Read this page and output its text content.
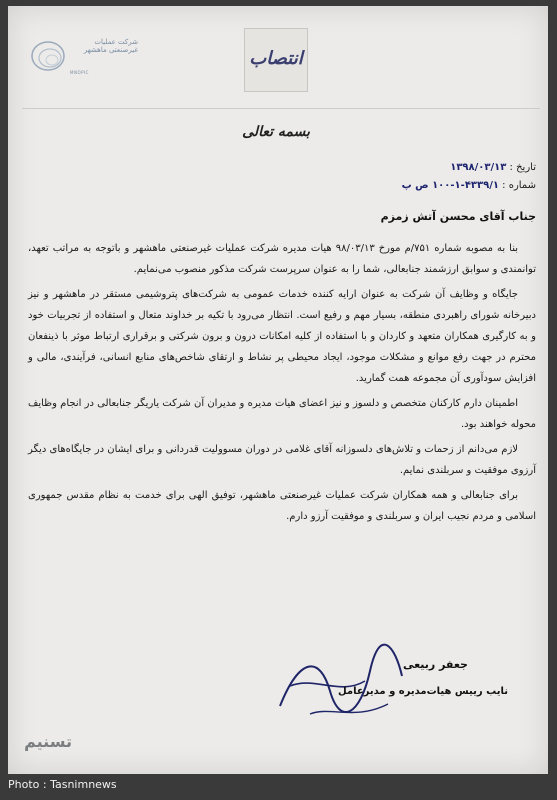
شرکت عملیات غیرصنعتی ماهشهر
MNOPIC
انتصاب
بسمه تعالی
تاریخ : ۱۳۹۸/۰۳/۱۳
شماره : ۴۳۳۹/۱-۱-۱۰۰ ص پ
جناب آقای محسن آتش زمزم

بنا به مصوبه شماره ۷۵۱/م مورخ ۹۸/۰۳/۱۳ هیات مدیره شرکت عملیات غیرصنعتی ماهشهر و باتوجه به مراتب تعهد، توانمندی و سوابق ارزشمند جنابعالی، شما را به عنوان سرپرست شرکت مذکور منصوب می‌نمایم.

جایگاه و وظایف آن شرکت به عنوان ارایه کننده خدمات عمومی به شرکت‌های پتروشیمی مستقر در ماهشهر و نیز دبیرخانه شورای راهبردی منطقه، بسیار مهم و رفیع است. انتظار می‌رود با تکیه بر خداوند متعال و استفاده از تجربیات خود و به کارگیری همکاران متعهد و کاردان و با استفاده از کلیه امکانات درون و برون شرکتی و برقراری ارتباط موثر با ذینفعان محترم در جهت رفع موانع و مشکلات موجود، ایجاد محیطی پر نشاط و ارتقای شاخص‌های منابع انسانی، فرآیندی، مالی و افزایش سودآوری آن مجموعه همت گمارید.

اطمینان دارم کارکنان متخصص و دلسوز و نیز اعضای هیات مدیره و مدیران آن شرکت یاریگر جنابعالی در انجام وظایف محوله خواهند بود.

لازم می‌دانم از زحمات و تلاش‌های دلسوزانه آقای غلامی در دوران مسوولیت قدردانی و برای ایشان در جایگاه‌های دیگر آرزوی موفقیت و سربلندی نمایم.

برای جنابعالی و همه همکاران شرکت عملیات غیرصنعتی ماهشهر، توفیق الهی برای خدمت به نظام مقدس جمهوری اسلامی و مردم نجیب ایران و سربلندی و موفقیت آرزو دارم.

جعفر ربیعی
نایب رییس هیات‌مدیره و مدیرعامل
تسنیم
Photo : Tasnimnews
